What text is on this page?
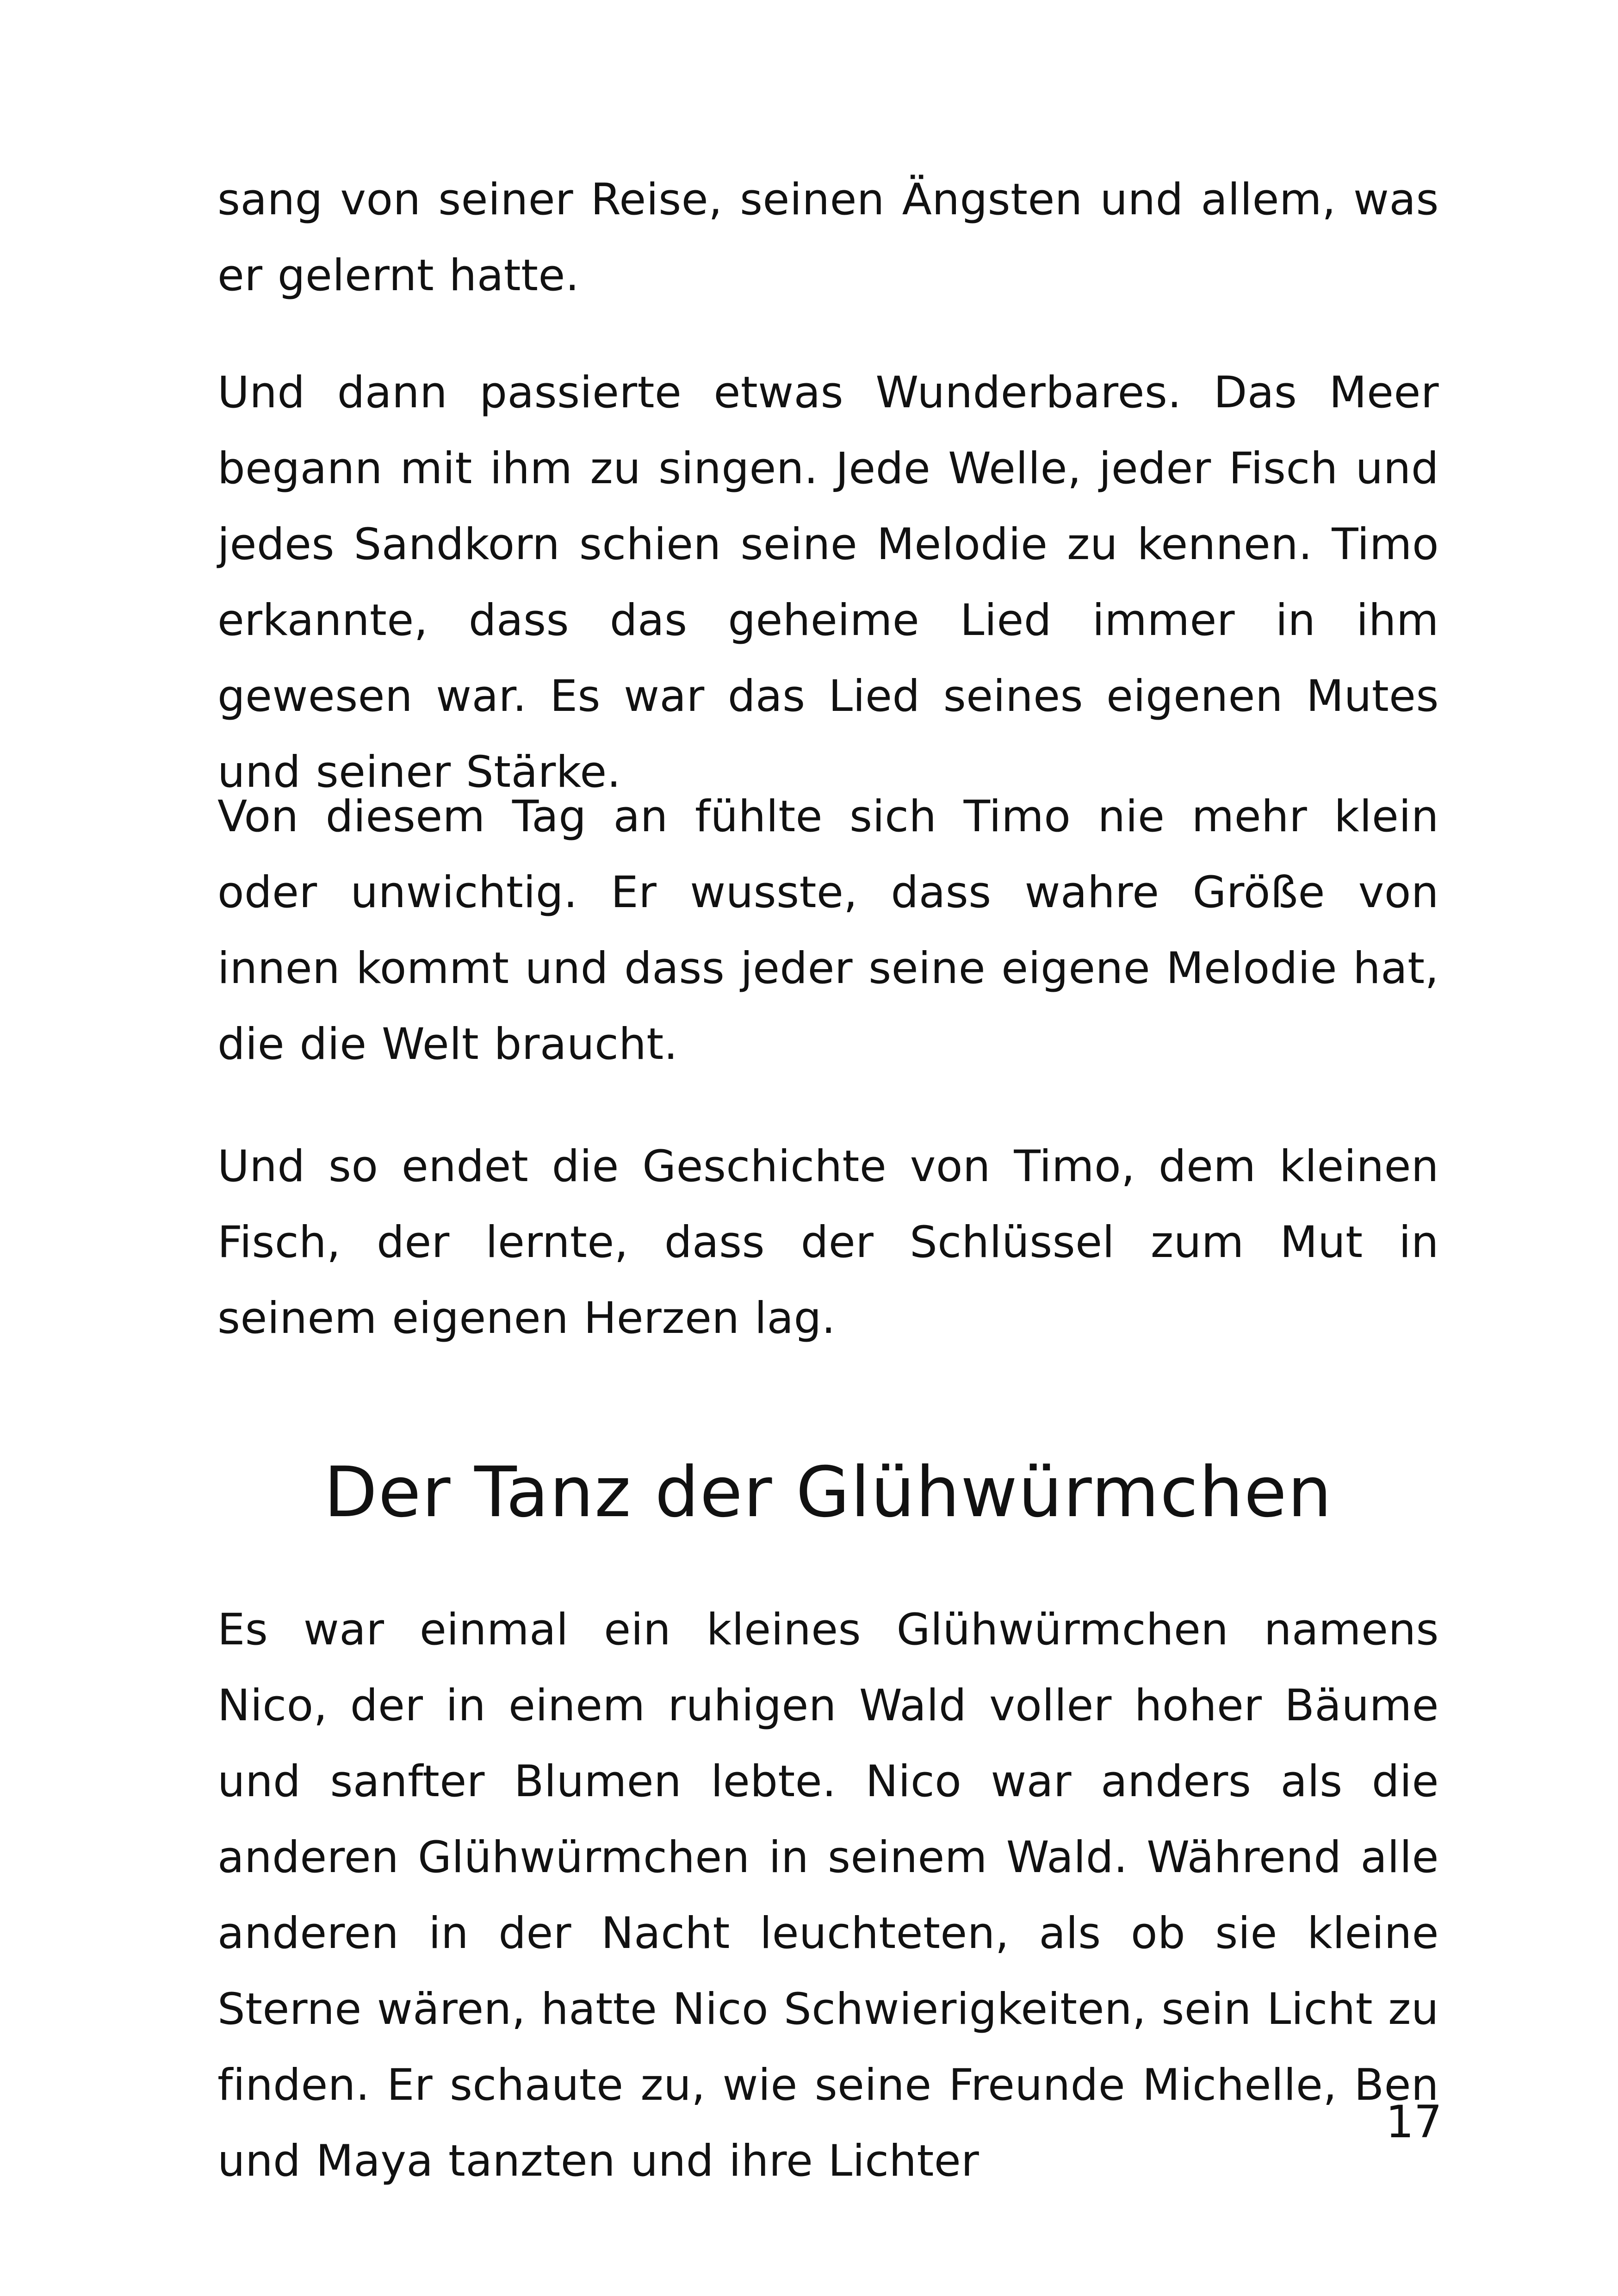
sang von seiner Reise, seinen Ängsten und allem, was er gelernt hatte.

Und dann passierte etwas Wunderbares. Das Meer begann mit ihm zu singen. Jede Welle, jeder Fisch und jedes Sandkorn schien seine Melodie zu kennen. Timo erkannte, dass das geheime Lied immer in ihm gewesen war. Es war das Lied seines eigenen Mutes und seiner Stärke.

Von diesem Tag an fühlte sich Timo nie mehr klein oder unwichtig. Er wusste, dass wahre Größe von innen kommt und dass jeder seine eigene Melodie hat, die die Welt braucht.

Und so endet die Geschichte von Timo, dem kleinen Fisch, der lernte, dass der Schlüssel zum Mut in seinem eigenen Herzen lag.

Der Tanz der Glühwürmchen

Es war einmal ein kleines Glühwürmchen namens Nico, der in einem ruhigen Wald voller hoher Bäume und sanfter Blumen lebte. Nico war anders als die anderen Glühwürmchen in seinem Wald. Während alle anderen in der Nacht leuchteten, als ob sie kleine Sterne wären, hatte Nico Schwierigkeiten, sein Licht zu finden. Er schaute zu, wie seine Freunde Michelle, Ben und Maya tanzten und ihre Lichter

17
